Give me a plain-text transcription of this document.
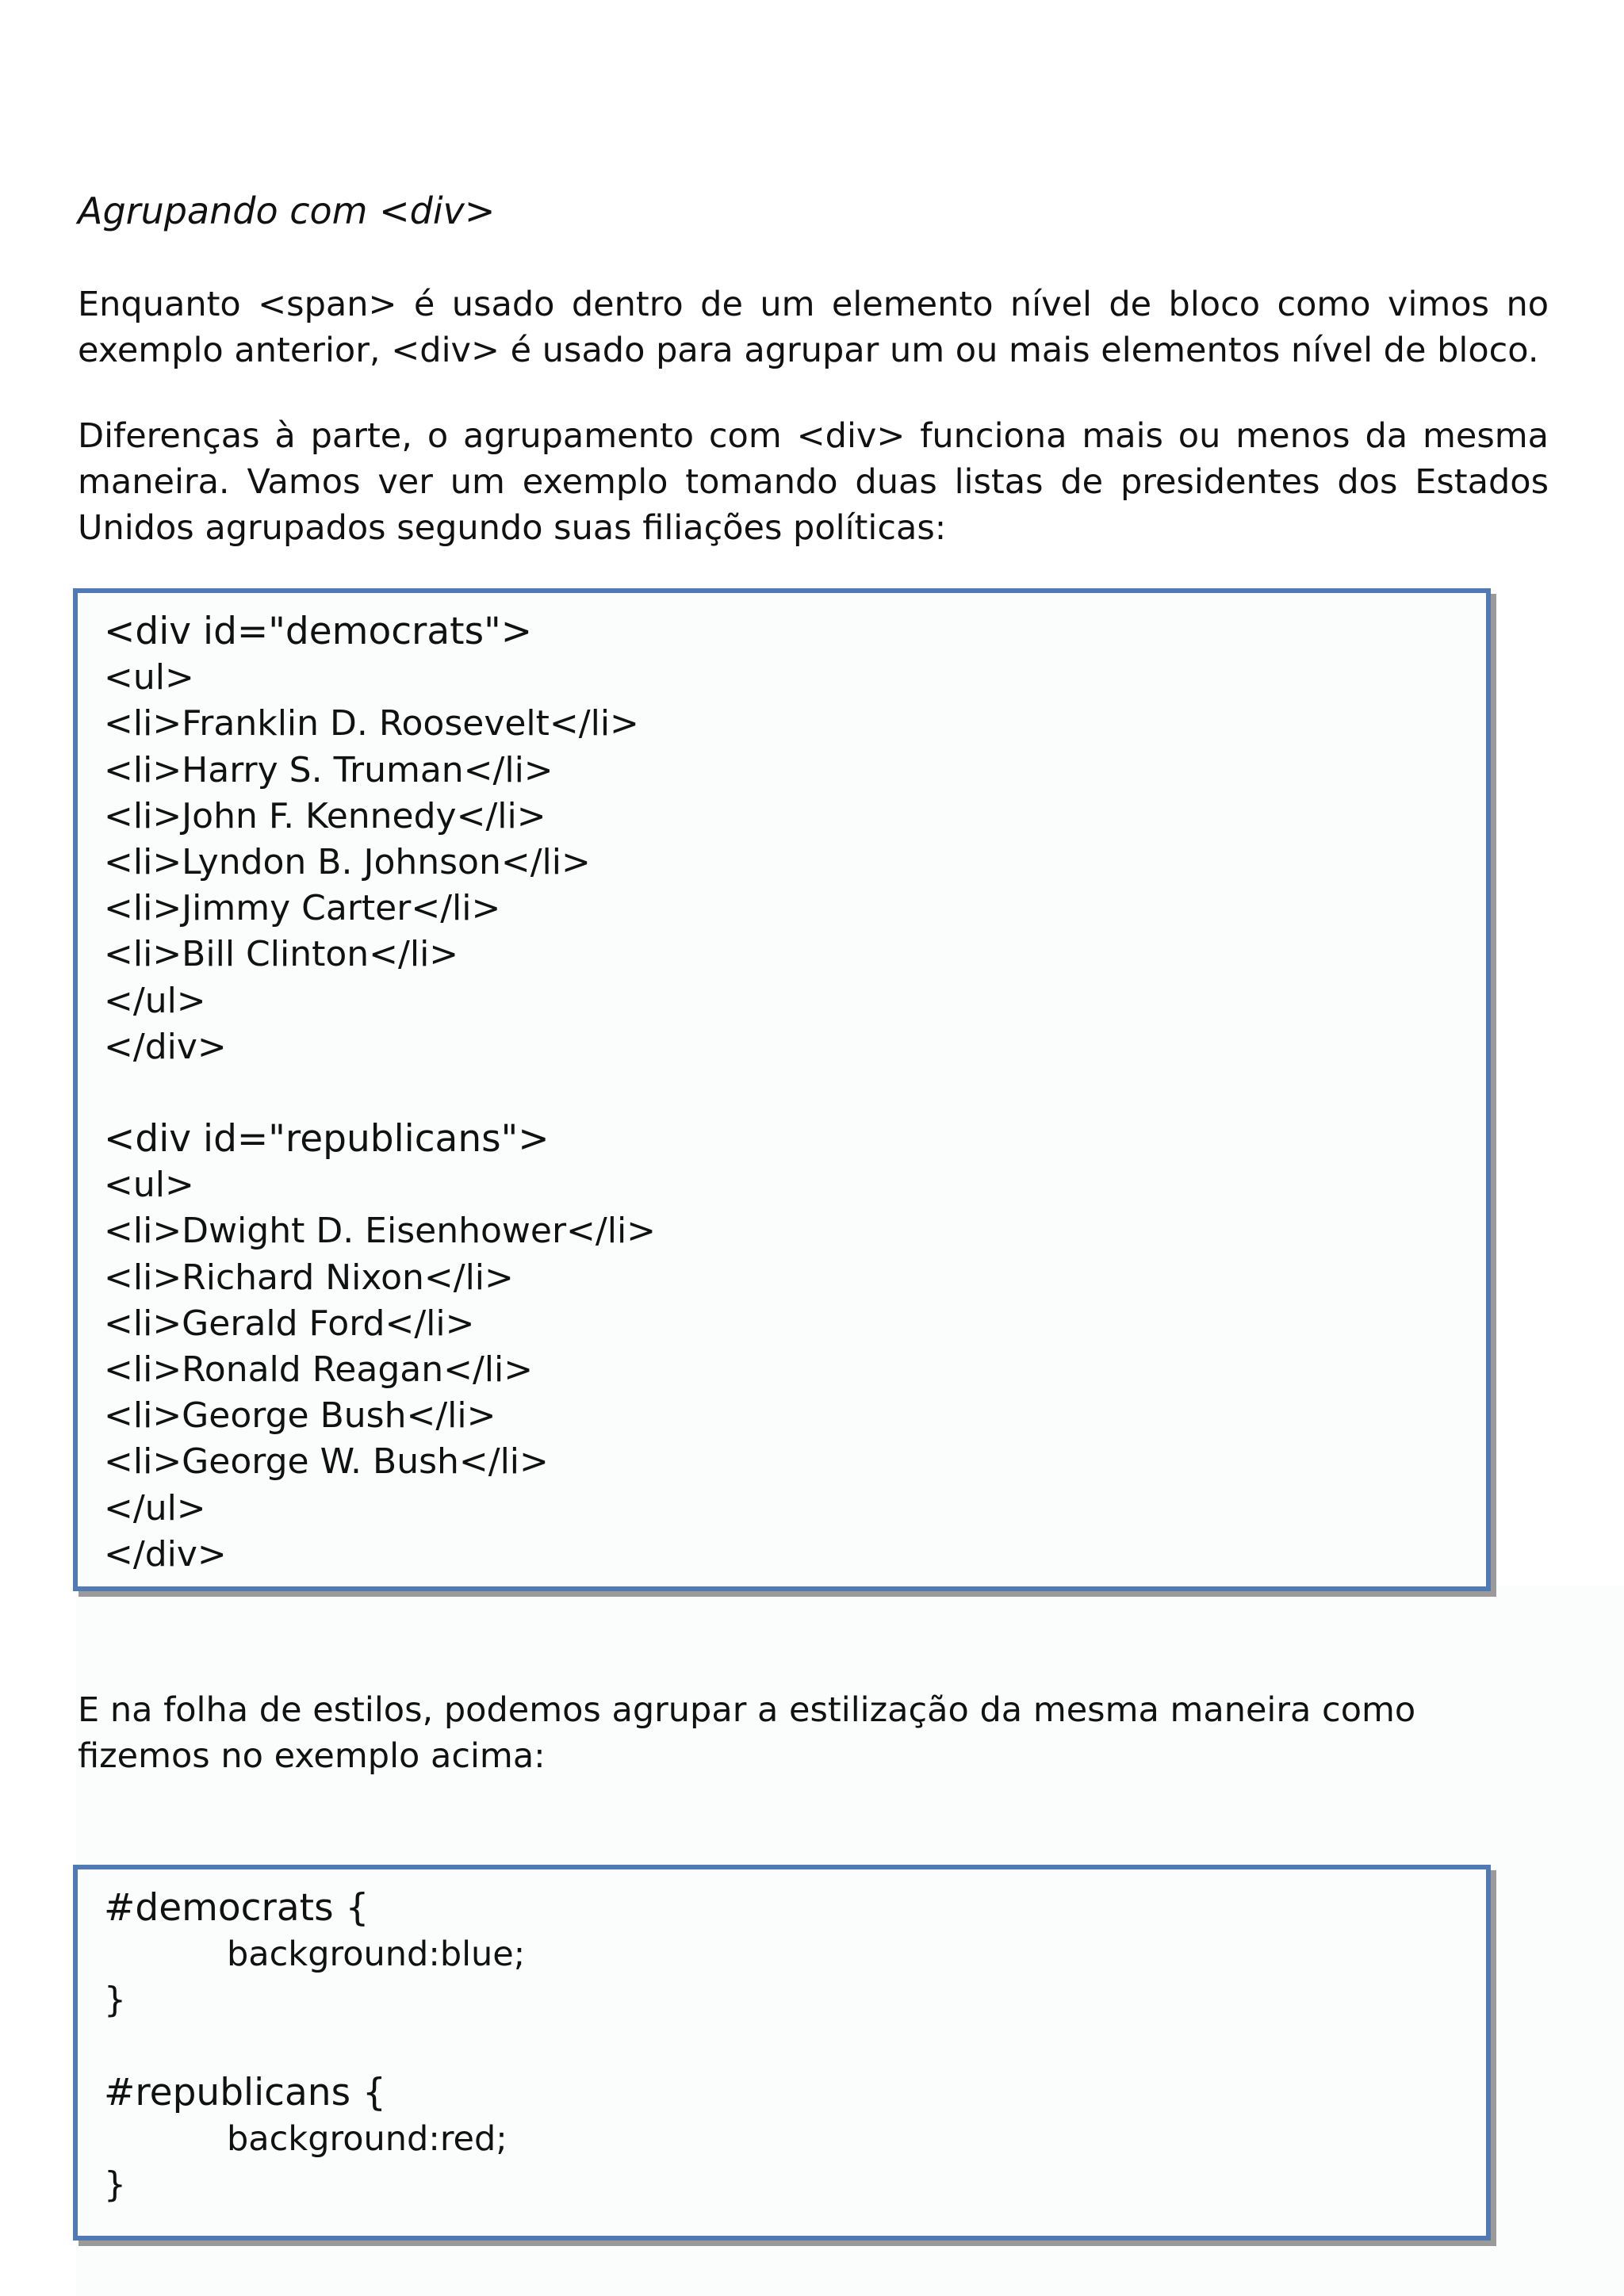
Agrupando com <div>
Enquanto <span> é usado dentro de um elemento nível de bloco como vimos no exemplo anterior, <div> é usado para agrupar um ou mais elementos nível de bloco.
Diferenças à parte, o agrupamento com <div> funciona mais ou menos da mesma maneira. Vamos ver um exemplo tomando duas listas de presidentes dos Estados Unidos agrupados segundo suas filiações políticas:
<div id="democrats">
<ul>
<li>Franklin D. Roosevelt</li>
<li>Harry S. Truman</li>
<li>John F. Kennedy</li>
<li>Lyndon B. Johnson</li>
<li>Jimmy Carter</li>
<li>Bill Clinton</li>
</ul>
</div>
<div id="republicans">
<ul>
<li>Dwight D. Eisenhower</li>
<li>Richard Nixon</li>
<li>Gerald Ford</li>
<li>Ronald Reagan</li>
<li>George Bush</li>
<li>George W. Bush</li>
</ul>
</div>
E na folha de estilos, podemos agrupar a estilização da mesma maneira como fizemos no exemplo acima:
#democrats {
background:blue;
}
#republicans {
background:red;
}
